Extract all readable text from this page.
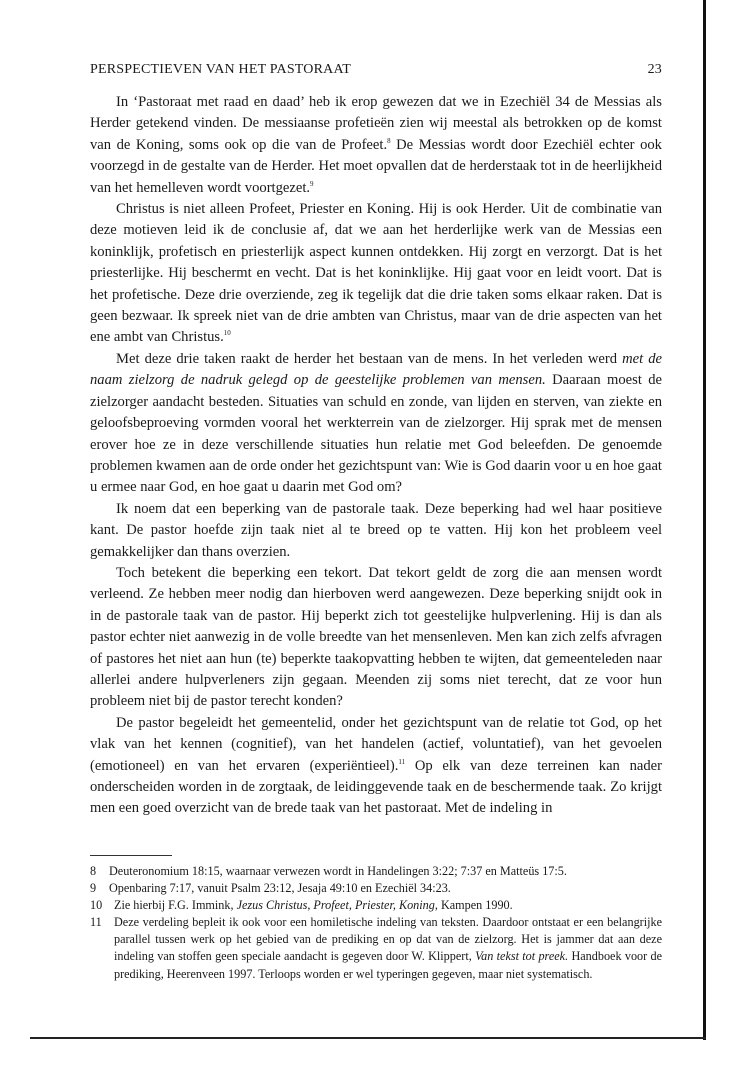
PERSPECTIEVEN VAN HET PASTORAAT	23

In ‘Pastoraat met raad en daad’ heb ik erop gewezen dat we in Ezechiël 34 de Messias als Herder getekend vinden. De messiaanse profetieën zien wij meestal als betrokken op de komst van de Koning, soms ook op die van de Profeet.$^8$ De Messias wordt door Ezechiël echter ook voorzegd in de gestalte van de Herder. Het moet opvallen dat de herderstaak tot in de heerlijkheid van het hemelleven wordt voortgezet.$^9$

Christus is niet alleen Profeet, Priester en Koning. Hij is ook Herder. Uit de combinatie van deze motieven leid ik de conclusie af, dat we aan het herderlijke werk van de Messias een koninklijk, profetisch en priesterlijk aspect kunnen ontdekken. Hij zorgt en verzorgt. Dat is het priesterlijke. Hij beschermt en vecht. Dat is het koninklijke. Hij gaat voor en leidt voort. Dat is het profetische. Deze drie overziende, zeg ik tegelijk dat die drie taken soms elkaar raken. Dat is geen bezwaar. Ik spreek niet van de drie ambten van Christus, maar van de drie aspecten van het ene ambt van Christus.$^{10}$

Met deze drie taken raakt de herder het bestaan van de mens. In het verleden werd met de naam zielzorg de nadruk gelegd op de geestelijke problemen van mensen. Daaraan moest de zielzorger aandacht besteden. Situaties van schuld en zonde, van lijden en sterven, van ziekte en geloofsbeproeving vormden vooral het werkterrein van de zielzorger. Hij sprak met de mensen erover hoe ze in deze verschillende situaties hun relatie met God beleefden. De genoemde problemen kwamen aan de orde onder het gezichtspunt van: Wie is God daarin voor u en hoe gaat u ermee naar God, en hoe gaat u daarin met God om?

Ik noem dat een beperking van de pastorale taak. Deze beperking had wel haar positieve kant. De pastor hoefde zijn taak niet al te breed op te vatten. Hij kon het probleem veel gemakkelijker dan thans overzien.

Toch betekent die beperking een tekort. Dat tekort geldt de zorg die aan mensen wordt verleend. Ze hebben meer nodig dan hierboven werd aangewezen. Deze beperking snijdt ook in in de pastorale taak van de pastor. Hij beperkt zich tot geestelijke hulpverlening. Hij is dan als pastor echter niet aanwezig in de volle breedte van het mensenleven. Men kan zich zelfs afvragen of pastores het niet aan hun (te) beperkte taakopvatting hebben te wijten, dat gemeenteleden naar allerlei andere hulpverleners zijn gegaan. Meenden zij soms niet terecht, dat ze voor hun probleem niet bij de pastor terecht konden?

De pastor begeleidt het gemeentelid, onder het gezichtspunt van de relatie tot God, op het vlak van het kennen (cognitief), van het handelen (actief, voluntatief), van het gevoelen (emotioneel) en van het ervaren (experiëntieel).$^{11}$ Op elk van deze terreinen kan nader onderscheiden worden in de zorgtaak, de leidinggevende taak en de beschermende taak. Zo krijgt men een goed overzicht van de brede taak van het pastoraat. Met de indeling in

8	Deuteronomium 18:15, waarnaar verwezen wordt in Handelingen 3:22; 7:37 en Matteüs 17:5.
9	Openbaring 7:17, vanuit Psalm 23:12, Jesaja 49:10 en Ezechiël 34:23.
10 Zie hierbij F.G. Immink, Jezus Christus, Profeet, Priester, Koning, Kampen 1990.
11	Deze verdeling bepleit ik ook voor een homiletische indeling van teksten. Daardoor ontstaat er een belangrijke parallel tussen werk op het gebied van de prediking en op dat van de zielzorg. Het is jammer dat aan deze indeling van stoffen geen speciale aandacht is gegeven door W. Klippert, Van tekst tot preek. Handboek voor de prediking, Heerenveen 1997. Terloops worden er wel typeringen gegeven, maar niet systematisch.
